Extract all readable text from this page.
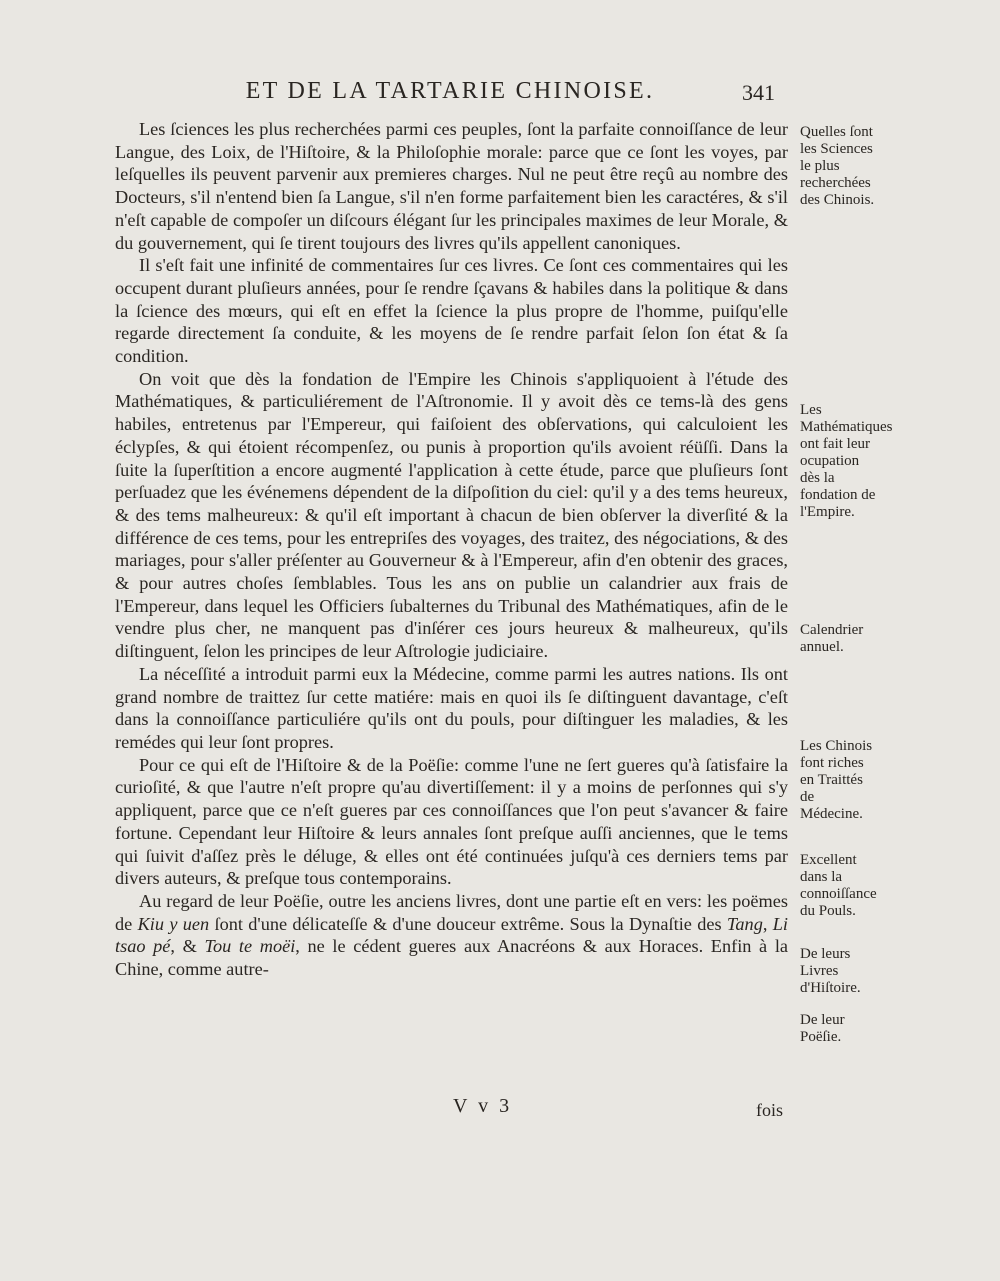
ET DE LA TARTARIE CHINOISE.	341

Les ſciences les plus recherchées parmi ces peuples, ſont la parfaite connoiſſance de leur Langue, des Loix, de l'Hiſtoire, & la Philoſophie morale: parce que ce ſont les voyes, par leſquelles ils peuvent parvenir aux premieres charges. Nul ne peut être reçû au nombre des Docteurs, s'il n'entend bien ſa Langue, s'il n'en forme parfaitement bien les caractéres, & s'il n'eſt capable de compoſer un diſcours élégant ſur les principales maximes de leur Morale, & du gouvernement, qui ſe tirent toujours des livres qu'ils appellent canoniques.

Il s'eſt fait une infinité de commentaires ſur ces livres. Ce ſont ces commentaires qui les occupent durant pluſieurs années, pour ſe rendre ſçavans & habiles dans la politique & dans la ſcience des mœurs, qui eſt en effet la ſcience la plus propre de l'homme, puiſqu'elle regarde directement ſa conduite, & les moyens de ſe rendre parfait ſelon ſon état & ſa condition.

On voit que dès la fondation de l'Empire les Chinois s'appliquoient à l'étude des Mathématiques, & particuliérement de l'Aſtronomie. Il y avoit dès ce tems-là des gens habiles, entretenus par l'Empereur, qui faiſoient des obſervations, qui calculoient les éclypſes, & qui étoient récompenſez, ou punis à proportion qu'ils avoient réüſſi. Dans la ſuite la ſuperſtition a encore augmenté l'application à cette étude, parce que pluſieurs ſont perſuadez que les événemens dépendent de la diſpoſition du ciel: qu'il y a des tems heureux, & des tems malheureux: & qu'il eſt important à chacun de bien obſerver la diverſité & la différence de ces tems, pour les entrepriſes des voyages, des traitez, des négociations, & des mariages, pour s'aller préſenter au Gouverneur & à l'Empereur, afin d'en obtenir des graces, & pour autres choſes ſemblables. Tous les ans on publie un calandrier aux frais de l'Empereur, dans lequel les Officiers ſubalternes du Tribunal des Mathématiques, afin de le vendre plus cher, ne manquent pas d'inſérer ces jours heureux & malheureux, qu'ils diſtinguent, ſelon les principes de leur Aſtrologie judiciaire.

La néceſſité a introduit parmi eux la Médecine, comme parmi les autres nations. Ils ont grand nombre de traittez ſur cette matiére: mais en quoi ils ſe diſtinguent davantage, c'eſt dans la connoiſſance particuliére qu'ils ont du pouls, pour diſtinguer les maladies, & les remédes qui leur ſont propres.

Pour ce qui eſt de l'Hiſtoire & de la Poëſie: comme l'une ne ſert gueres qu'à ſatisfaire la curioſité, & que l'autre n'eſt propre qu'au divertiſſement: il y a moins de perſonnes qui s'y appliquent, parce que ce n'eſt gueres par ces connoiſſances que l'on peut s'avancer & faire fortune. Cependant leur Hiſtoire & leurs annales ſont preſque auſſi anciennes, que le tems qui ſuivit d'aſſez près le déluge, & elles ont été continuées juſqu'à ces derniers tems par divers auteurs, & preſque tous contemporains.

Au regard de leur Poëſie, outre les anciens livres, dont une partie eſt en vers: les poëmes de Kiu y uen ſont d'une délicateſſe & d'une douceur extrême. Sous la Dynaſtie des Tang, Li tsao pé, & Tou te moëi, ne le cédent gueres aux Anacréons & aux Horaces. Enfin à la Chine, comme autre-

Quelles ſont les Sciences le plus recherchées des Chinois.
Les Mathématiques ont fait leur ocupation dès la fondation de l'Empire.
Calendrier annuel.
Les Chinois font riches en Traittés de Médecine.
Excellent dans la connoiſſance du Pouls.
De leurs Livres d'Hiſtoire.
De leur Poëſie.
V v 3	fois
